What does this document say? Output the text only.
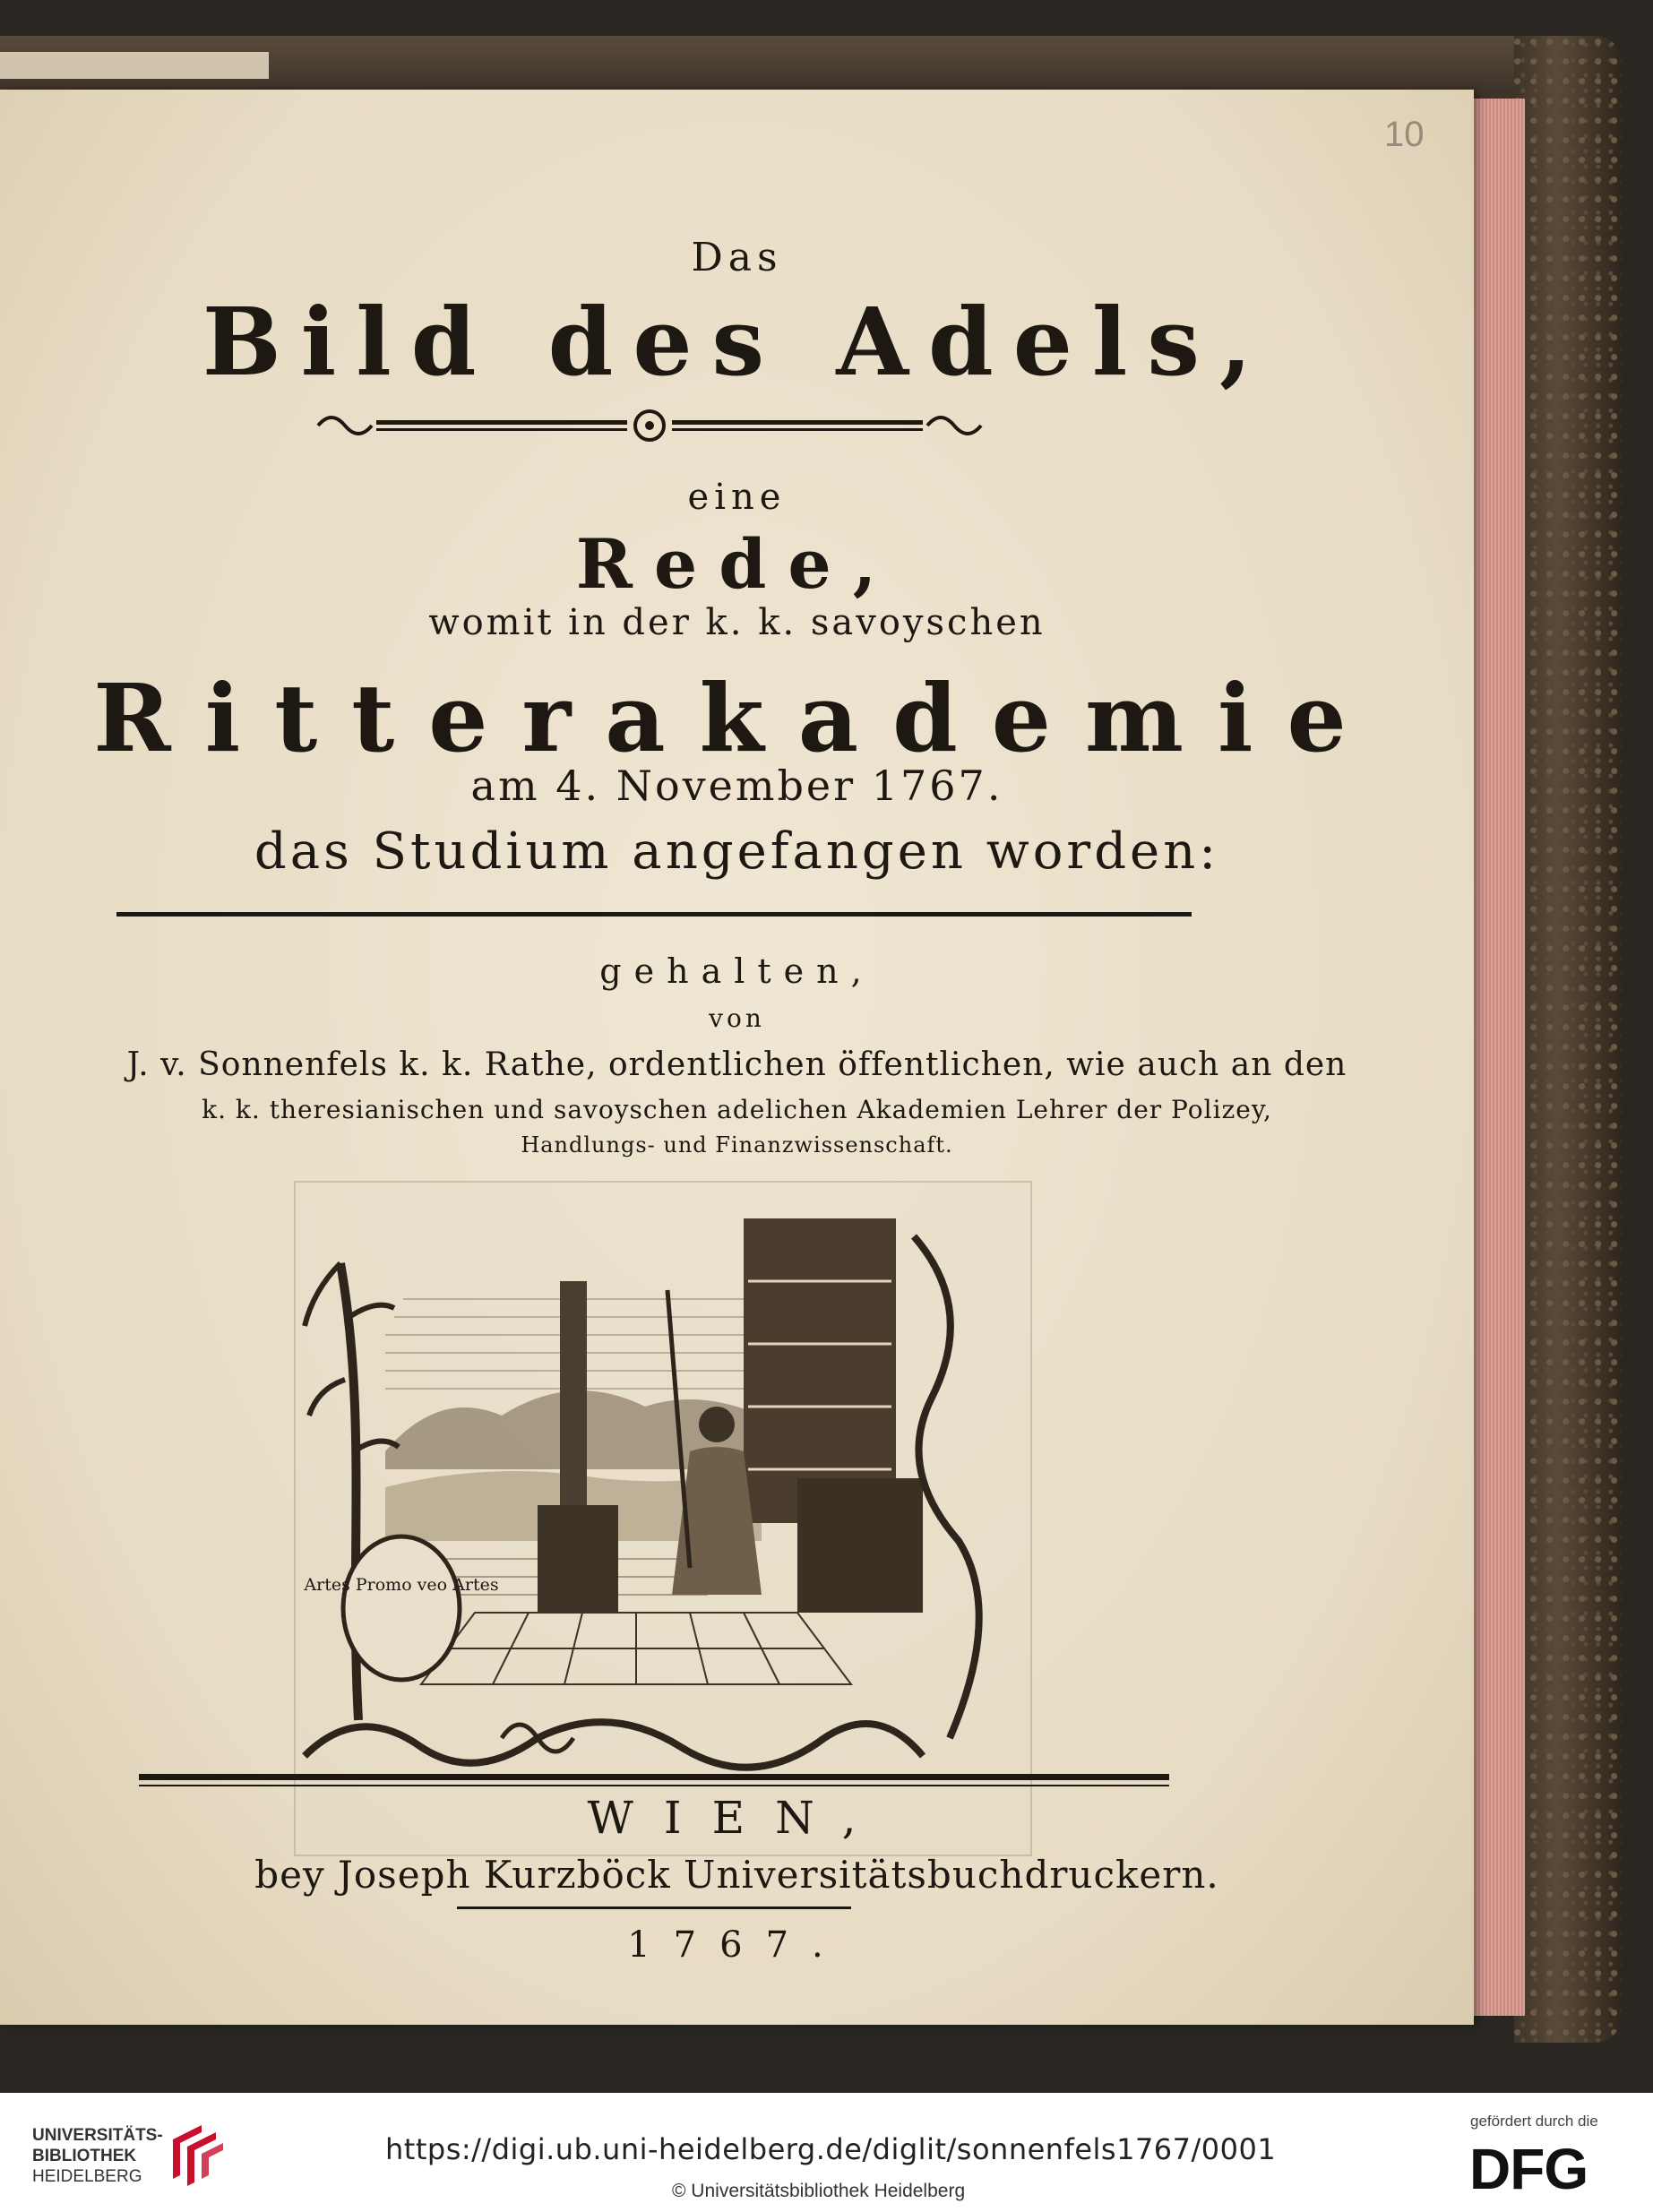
10
Das
Bild des Adels,
eine
Rede,
womit in der k. k. savoyschen
Ritterakademie
am 4. November 1767.
das Studium angefangen worden:
gehalten,
von
J. v. Sonnenfels k. k. Rathe, ordentlichen öffentlichen, wie auch an den
k. k. theresianischen und savoyschen adelichen Akademien Lehrer der Polizey,
Handlungs- und Finanzwissenschaft.
Artes Promo veo Artes
WIEN,
bey Joseph Kurzböck Universitätsbuchdruckern.
1767.
UNIVERSITÄTS-
BIBLIOTHEK
HEIDELBERG
https://digi.ub.uni-heidelberg.de/diglit/sonnenfels1767/0001
© Universitätsbibliothek Heidelberg
gefördert durch die
DFG
